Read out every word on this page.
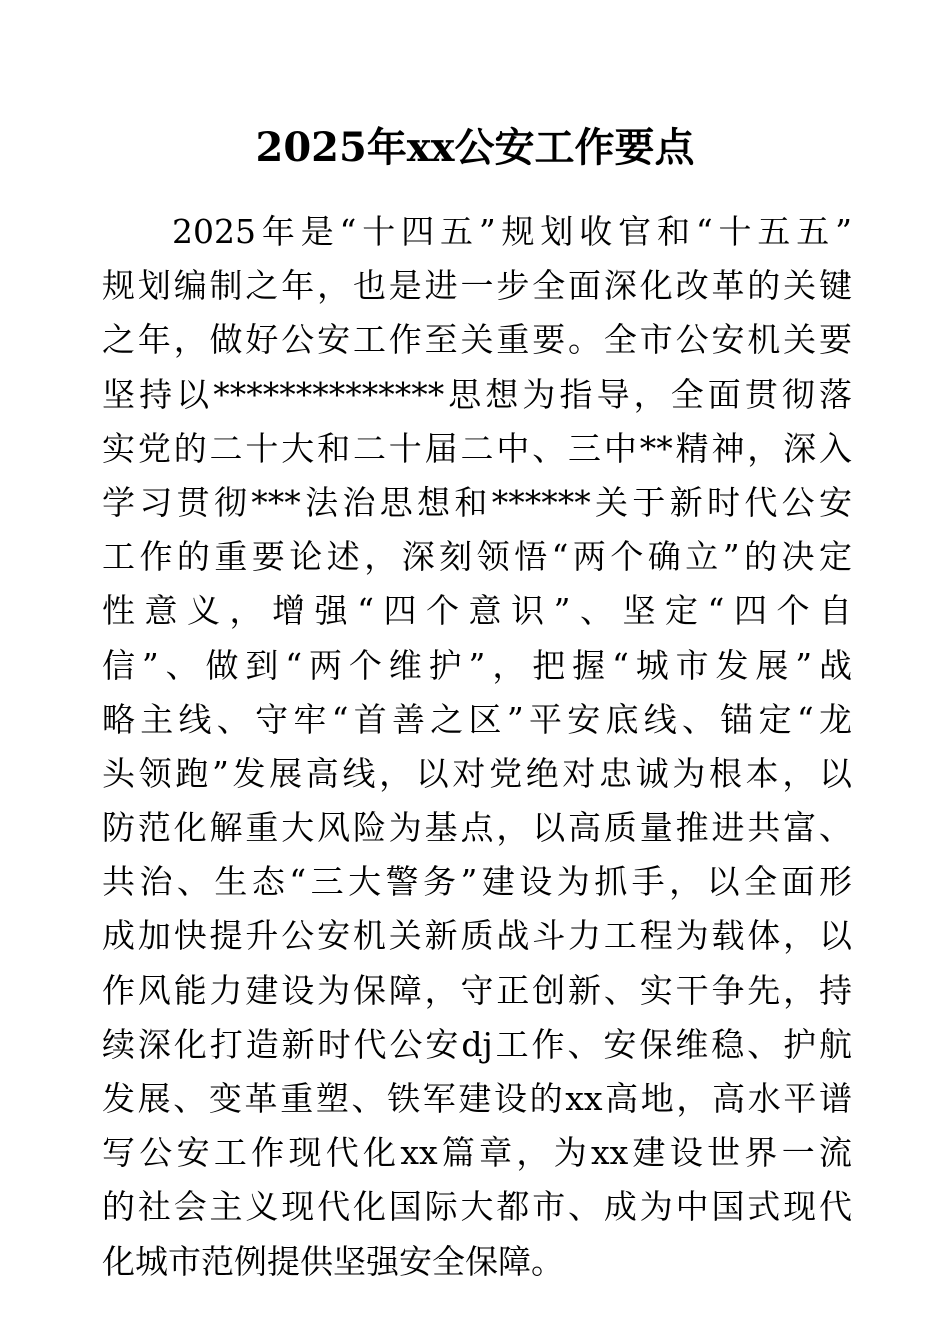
2025年xx公安工作要点
2025年是“十四五”规划收官和“十五五”
规划编制之年，也是进一步全面深化改革的关键
之年，做好公安工作至关重要。全市公安机关要
坚持以**************思想为指导，全面贯彻落
实党的二十大和二十届二中、三中**精神，深入
学习贯彻***法治思想和******关于新时代公安
工作的重要论述，深刻领悟“两个确立”的决定
性意义，增强“四个意识”、坚定“四个自
信”、做到“两个维护”，把握“城市发展”战
略主线、守牢“首善之区”平安底线、锚定“龙
头领跑”发展高线，以对党绝对忠诚为根本，以
防范化解重大风险为基点，以高质量推进共富、
共治、生态“三大警务”建设为抓手，以全面形
成加快提升公安机关新质战斗力工程为载体，以
作风能力建设为保障，守正创新、实干争先，持
续深化打造新时代公安dj工作、安保维稳、护航
发展、变革重塑、铁军建设的xx高地，高水平谱
写公安工作现代化xx篇章，为xx建设世界一流
的社会主义现代化国际大都市、成为中国式现代
化城市范例提供坚强安全保障。
